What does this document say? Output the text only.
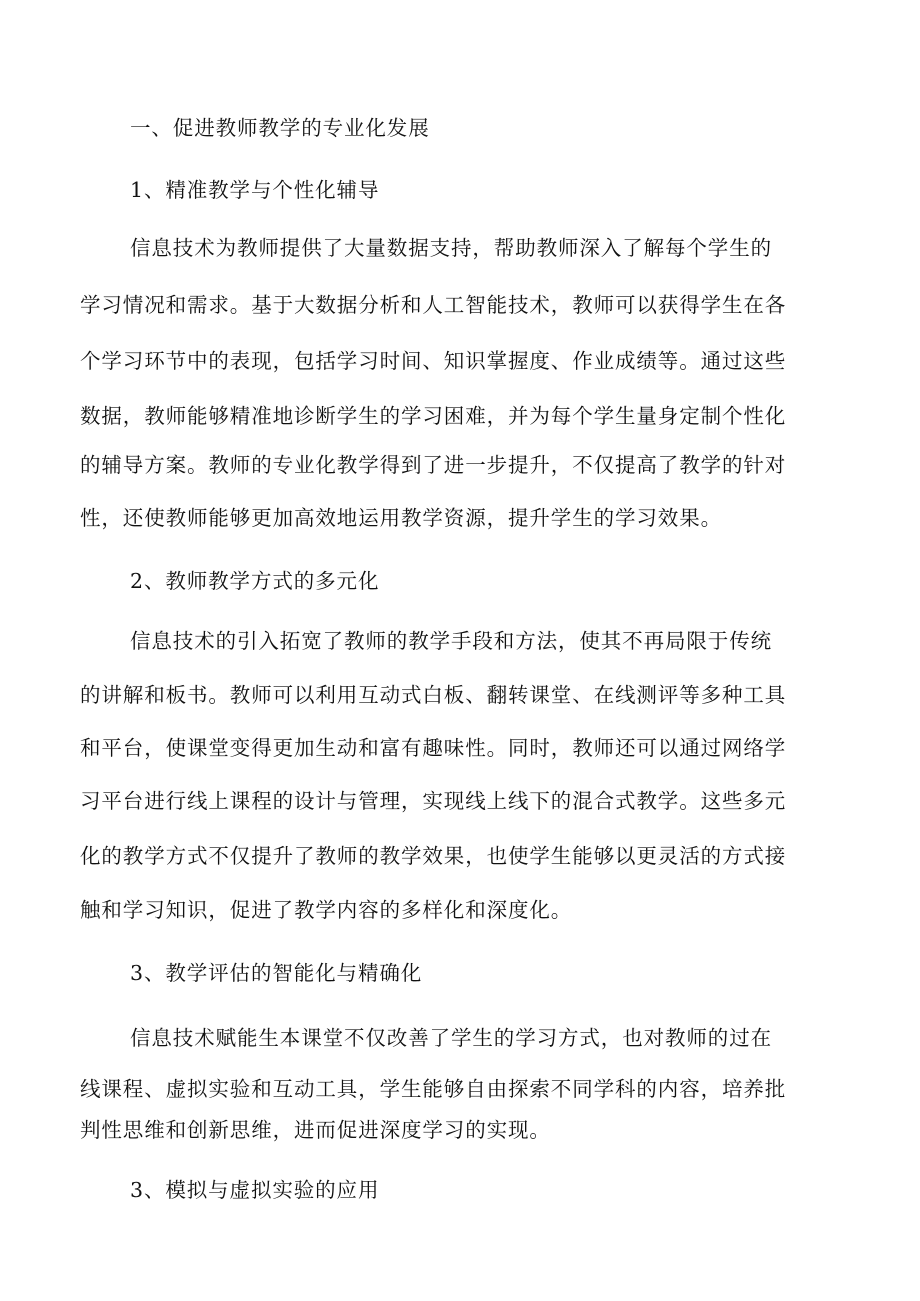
一、促进教师教学的专业化发展
1、精准教学与个性化辅导
信息技术为教师提供了大量数据支持，帮助教师深入了解每个学生的
学习情况和需求。基于大数据分析和人工智能技术，教师可以获得学生在各
个学习环节中的表现，包括学习时间、知识掌握度、作业成绩等。通过这些
数据，教师能够精准地诊断学生的学习困难，并为每个学生量身定制个性化
的辅导方案。教师的专业化教学得到了进一步提升，不仅提高了教学的针对
性，还使教师能够更加高效地运用教学资源，提升学生的学习效果。
2、教师教学方式的多元化
信息技术的引入拓宽了教师的教学手段和方法，使其不再局限于传统
的讲解和板书。教师可以利用互动式白板、翻转课堂、在线测评等多种工具
和平台，使课堂变得更加生动和富有趣味性。同时，教师还可以通过网络学
习平台进行线上课程的设计与管理，实现线上线下的混合式教学。这些多元
化的教学方式不仅提升了教师的教学效果，也使学生能够以更灵活的方式接
触和学习知识，促进了教学内容的多样化和深度化。
3、教学评估的智能化与精确化
信息技术赋能生本课堂不仅改善了学生的学习方式，也对教师的过在
线课程、虚拟实验和互动工具，学生能够自由探索不同学科的内容，培养批
判性思维和创新思维，进而促进深度学习的实现。
3、模拟与虚拟实验的应用
